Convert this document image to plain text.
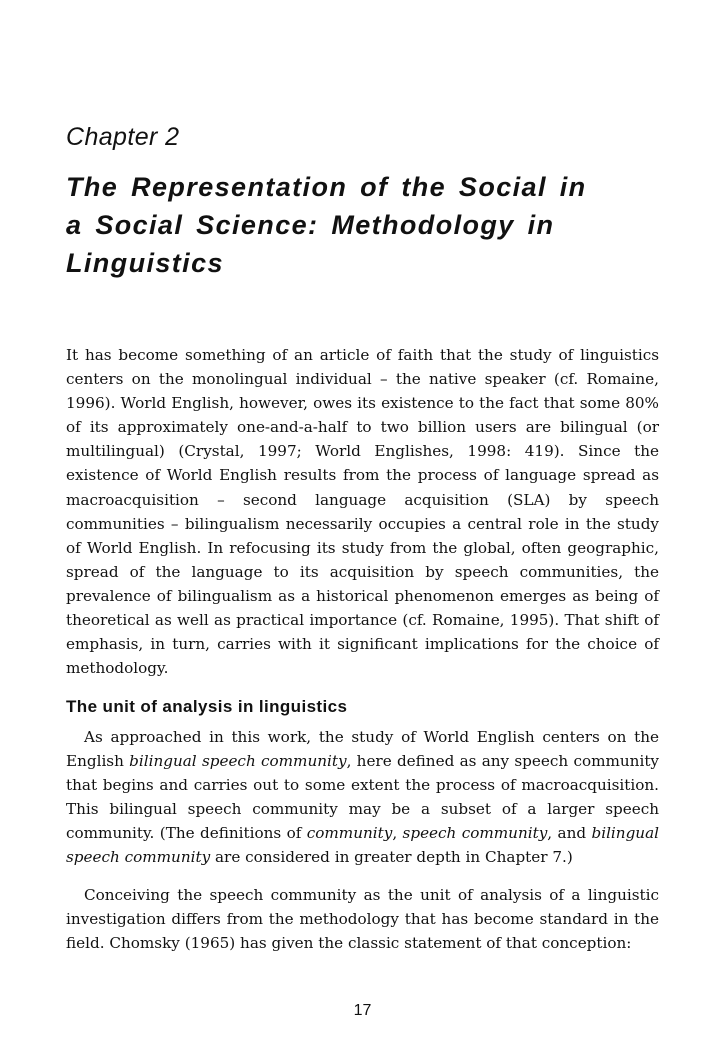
Chapter 2
The Representation of the Social in
a Social Science: Methodology in
Linguistics

It has become something of an article of faith that the study of linguistics centers on the monolingual individual – the native speaker (cf. Romaine, 1996). World English, however, owes its existence to the fact that some 80% of its approximately one-and-a-half to two billion users are bilingual (or multilingual) (Crystal, 1997; World Englishes, 1998: 419). Since the existence of World English results from the process of language spread as macroacquisition – second language acquisition (SLA) by speech communities – bilingualism necessarily occupies a central role in the study of World English. In refocusing its study from the global, often geographic, spread of the language to its acquisition by speech communities, the prevalence of bilingualism as a historical phenomenon emerges as being of theoretical as well as practical importance (cf. Romaine, 1995). That shift of emphasis, in turn, carries with it significant implications for the choice of methodology.

The unit of analysis in linguistics

As approached in this work, the study of World English centers on the English bilingual speech community, here defined as any speech community that begins and carries out to some extent the process of macroacquisition. This bilingual speech community may be a subset of a larger speech community. (The definitions of community, speech community, and bilingual speech community are considered in greater depth in Chapter 7.)

Conceiving the speech community as the unit of analysis of a linguistic investigation differs from the methodology that has become standard in the field. Chomsky (1965) has given the classic statement of that conception:

17
